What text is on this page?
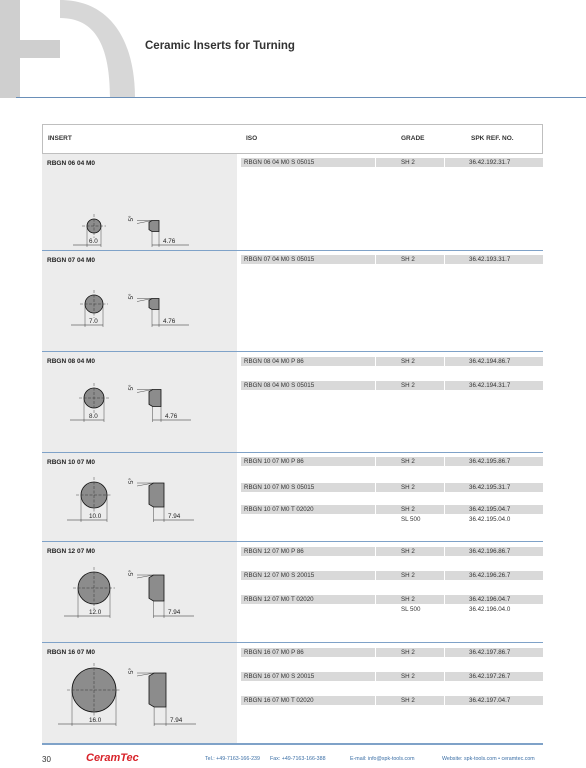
Ceramic Inserts for Turning
INSERT	ISO	GRADE	SPK REF. NO.
RBGN 06 04 M0
6.0
5°
4.76
RBGN 06 04 M0 S 05015	SH 2	36.42.192.31.7
RBGN 07 04 M0
7.0
5°
4.76
RBGN 07 04 M0 S 05015	SH 2	36.42.193.31.7
RBGN 08 04 M0
8.0
5°
4.76
RBGN 08 04 M0 P 86	SH 2	36.42.194.86.7
RBGN 08 04 M0 S 05015	SH 2	36.42.194.31.7
RBGN 10 07 M0
10.0
5°
7.94
RBGN 10 07 M0 P 86	SH 2	36.42.195.86.7
RBGN 10 07 M0 S 05015	SH 2	36.42.195.31.7
RBGN 10 07 M0 T 02020	SH 2	36.42.195.04.7
SL 500	36.42.195.04.0
RBGN 12 07 M0
12.0
5°
7.94
RBGN 12 07 M0 P 86	SH 2	36.42.196.86.7
RBGN 12 07 M0 S 20015	SH 2	36.42.196.26.7
RBGN 12 07 M0 T 02020	SH 2	36.42.196.04.7
SL 500	36.42.196.04.0
RBGN 16 07 M0
16.0
5°
7.94
RBGN 16 07 M0 P 86	SH 2	36.42.197.86.7
RBGN 16 07 M0 S 20015	SH 2	36.42.197.26.7
RBGN 16 07 M0 T 02020	SH 2	36.42.197.04.7
30	CeramTec	Tel.: +49-7163-166-239 Fax: +49-7163-166-388	E-mail: info@spk-tools.com	Website: spk-tools.com • ceramtec.com
